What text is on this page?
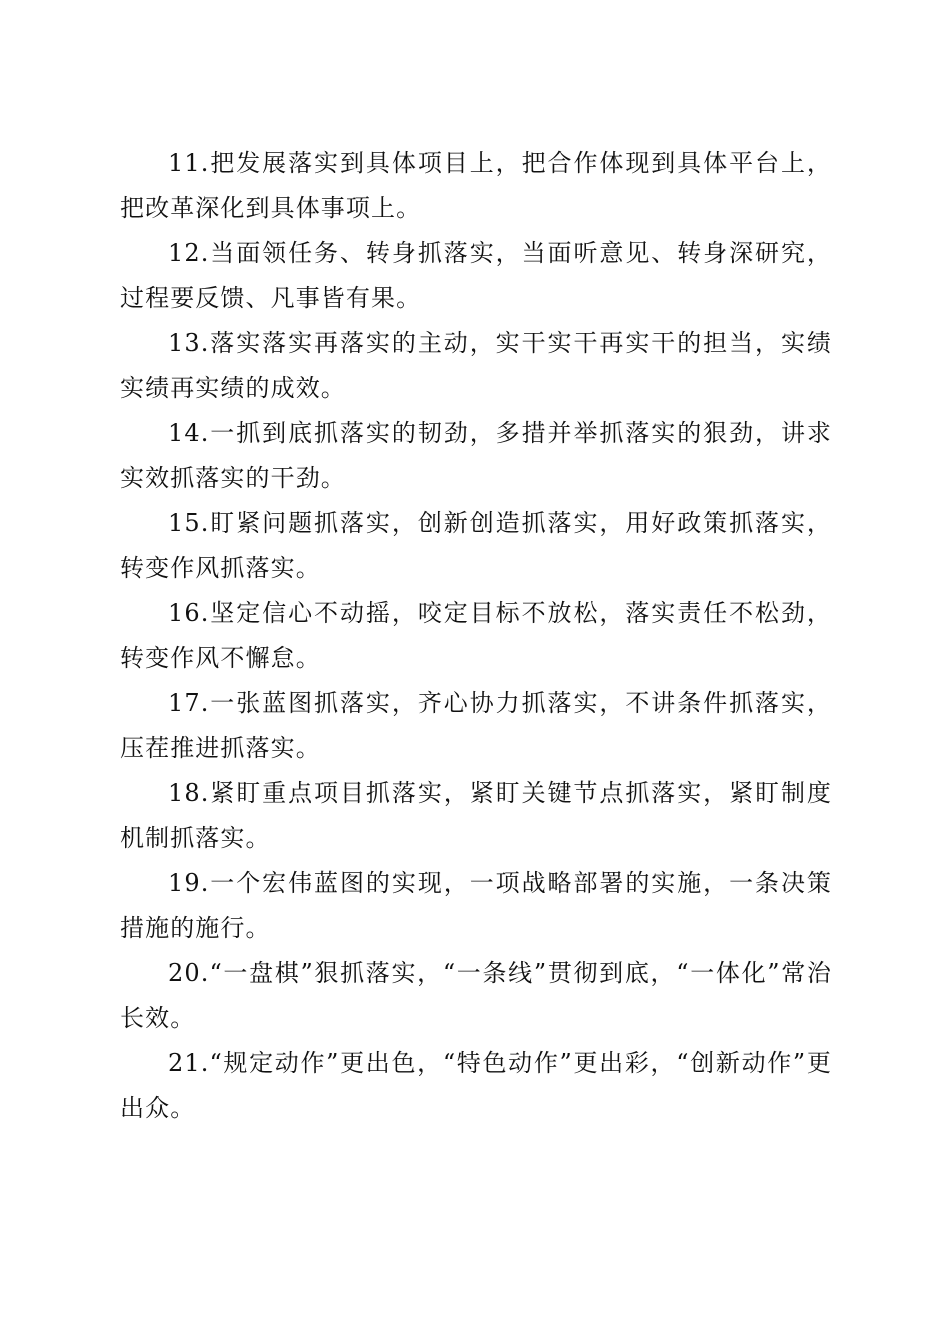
11.把发展落实到具体项目上，把合作体现到具体平台上，把改革深化到具体事项上。

12.当面领任务、转身抓落实，当面听意见、转身深研究，过程要反馈、凡事皆有果。

13.落实落实再落实的主动，实干实干再实干的担当，实绩实绩再实绩的成效。

14.一抓到底抓落实的韧劲，多措并举抓落实的狠劲，讲求实效抓落实的干劲。

15.盯紧问题抓落实，创新创造抓落实，用好政策抓落实，转变作风抓落实。

16.坚定信心不动摇，咬定目标不放松，落实责任不松劲，转变作风不懈怠。

17.一张蓝图抓落实，齐心协力抓落实，不讲条件抓落实，压茬推进抓落实。

18.紧盯重点项目抓落实，紧盯关键节点抓落实，紧盯制度机制抓落实。

19.一个宏伟蓝图的实现，一项战略部署的实施，一条决策措施的施行。

20.“一盘棋”狠抓落实，“一条线”贯彻到底，“一体化”常治长效。

21.“规定动作”更出色，“特色动作”更出彩，“创新动作”更出众。
